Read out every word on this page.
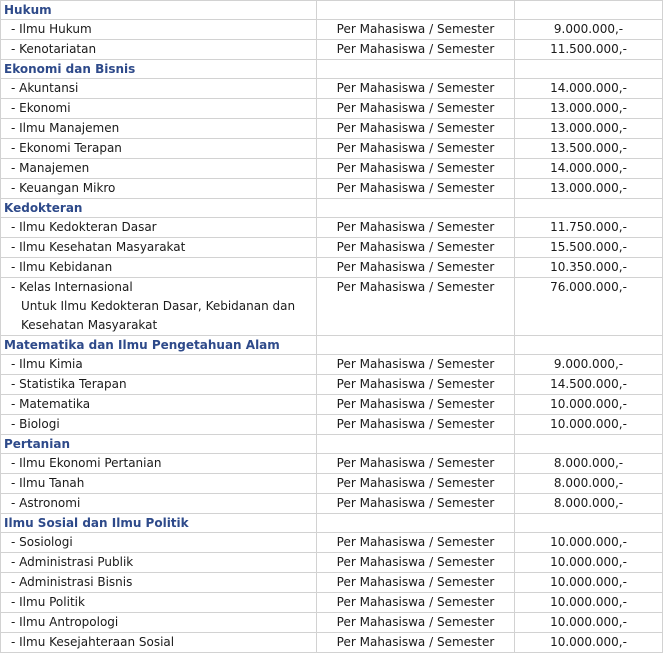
Hukum		

- Ilmu Hukum	Per Mahasiswa / Semester	9.000.000,-

- Kenotariatan	Per Mahasiswa / Semester	11.500.000,-
Ekonomi dan Bisnis		

- Akuntansi	Per Mahasiswa / Semester	14.000.000,-

- Ekonomi	Per Mahasiswa / Semester	13.000.000,-

- Ilmu Manajemen	Per Mahasiswa / Semester	13.000.000,-

- Ekonomi Terapan	Per Mahasiswa / Semester	13.500.000,-

- Manajemen	Per Mahasiswa / Semester	14.000.000,-

- Keuangan Mikro	Per Mahasiswa / Semester	13.000.000,-
Kedokteran		

- Ilmu Kedokteran Dasar	Per Mahasiswa / Semester	11.750.000,-

- Ilmu Kesehatan Masyarakat	Per Mahasiswa / Semester	15.500.000,-

- Ilmu Kebidanan	Per Mahasiswa / Semester	10.350.000,-

- Kelas Internasional
Untuk Ilmu Kedokteran Dasar, Kebidanan dan
Kesehatan Masyarakat	Per Mahasiswa / Semester	76.000.000,-
Matematika dan Ilmu Pengetahuan Alam		

- Ilmu Kimia	Per Mahasiswa / Semester	9.000.000,-

- Statistika Terapan	Per Mahasiswa / Semester	14.500.000,-

- Matematika	Per Mahasiswa / Semester	10.000.000,-

- Biologi	Per Mahasiswa / Semester	10.000.000,-
Pertanian		

- Ilmu Ekonomi Pertanian	Per Mahasiswa / Semester	8.000.000,-

- Ilmu Tanah	Per Mahasiswa / Semester	8.000.000,-

- Astronomi	Per Mahasiswa / Semester	8.000.000,-
Ilmu Sosial dan Ilmu Politik		

- Sosiologi	Per Mahasiswa / Semester	10.000.000,-

- Administrasi Publik	Per Mahasiswa / Semester	10.000.000,-

- Administrasi Bisnis	Per Mahasiswa / Semester	10.000.000,-

- Ilmu Politik	Per Mahasiswa / Semester	10.000.000,-

- Ilmu Antropologi	Per Mahasiswa / Semester	10.000.000,-

- Ilmu Kesejahteraan Sosial	Per Mahasiswa / Semester	10.000.000,-
